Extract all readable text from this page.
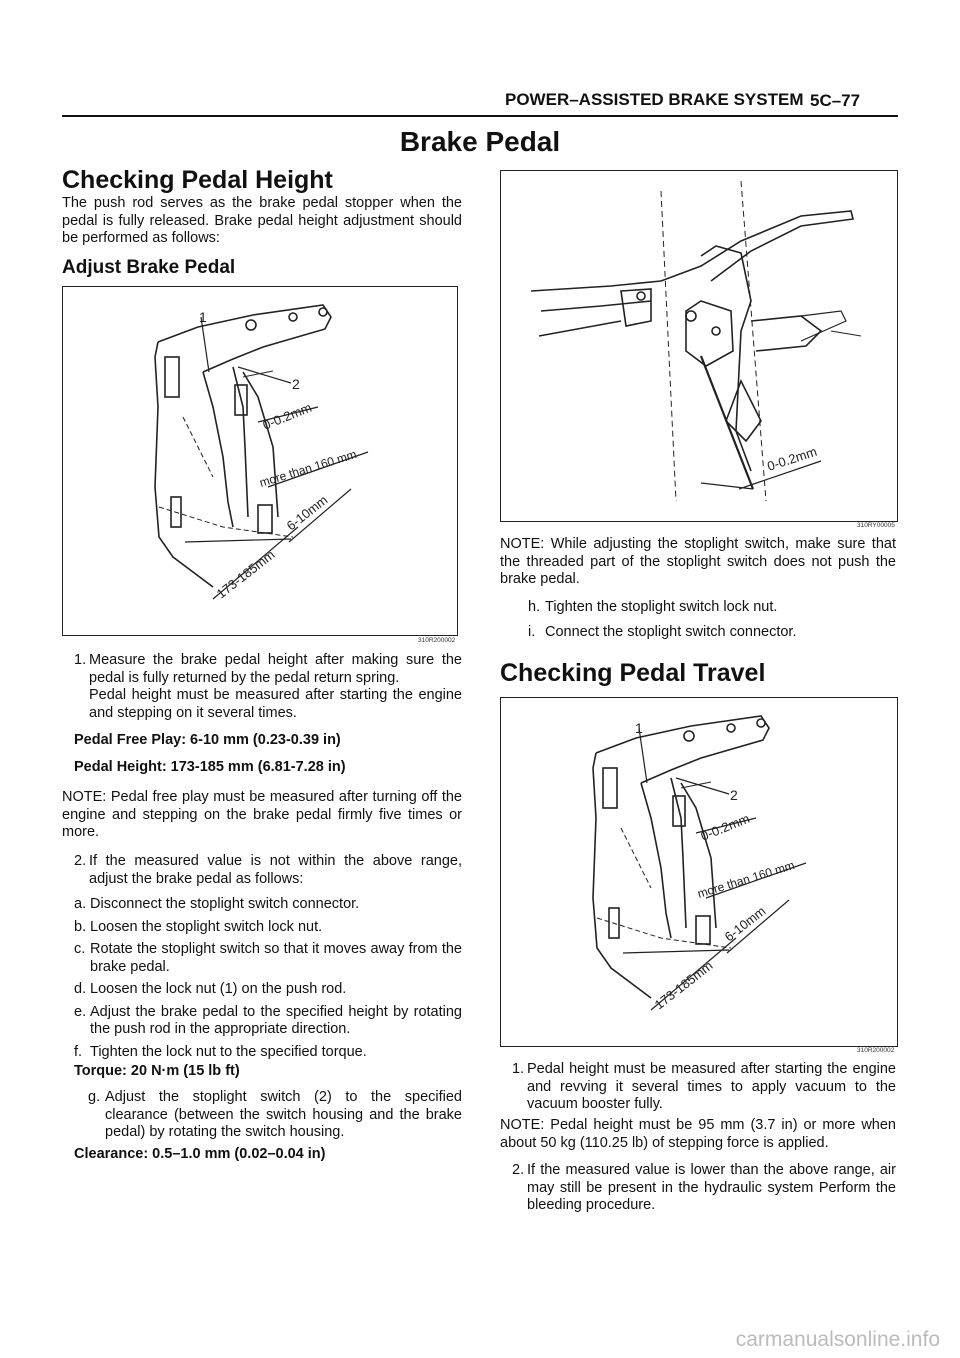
POWER–ASSISTED BRAKE SYSTEM 5C–77
Brake Pedal
Checking Pedal Height
The push rod serves as the brake pedal stopper when the pedal is fully released. Brake pedal height adjustment should be performed as follows:
Adjust Brake Pedal
1
2
0-0.2mm
more than 160 mm
6-10mm
173-185mm
310R200002
1. Measure the brake pedal height after making sure the pedal is fully returned by the pedal return spring.
Pedal height must be measured after starting the engine and stepping on it several times.
Pedal Free Play: 6-10 mm (0.23-0.39 in)
Pedal Height: 173-185 mm (6.81-7.28 in)
NOTE: Pedal free play must be measured after turning off the engine and stepping on the brake pedal firmly five times or more.
2. If the measured value is not within the above range, adjust the brake pedal as follows:
a. Disconnect the stoplight switch connector.
b. Loosen the stoplight switch lock nut.
c. Rotate the stoplight switch so that it moves away from the brake pedal.
d. Loosen the lock nut (1) on the push rod.
e. Adjust the brake pedal to the specified height by rotating the push rod in the appropriate direction.
f. Tighten the lock nut to the specified torque.
Torque: 20 N·m (15 lb ft)
g. Adjust the stoplight switch (2) to the specified clearance (between the switch housing and the brake pedal) by rotating the switch housing.
Clearance: 0.5–1.0 mm (0.02–0.04 in)
0-0.2mm
310RY00005
NOTE: While adjusting the stoplight switch, make sure that the threaded part of the stoplight switch does not push the brake pedal.
h. Tighten the stoplight switch lock nut.
i. Connect the stoplight switch connector.
Checking Pedal Travel
1
2
0-0.2mm
more than 160 mm
6-10mm
173-185mm
310R200002
1. Pedal height must be measured after starting the engine and revving it several times to apply vacuum to the vacuum booster fully.
NOTE: Pedal height must be 95 mm (3.7 in) or more when about 50 kg (110.25 lb) of stepping force is applied.
2. If the measured value is lower than the above range, air may still be present in the hydraulic system Perform the bleeding procedure.
carmanualsonline.info
